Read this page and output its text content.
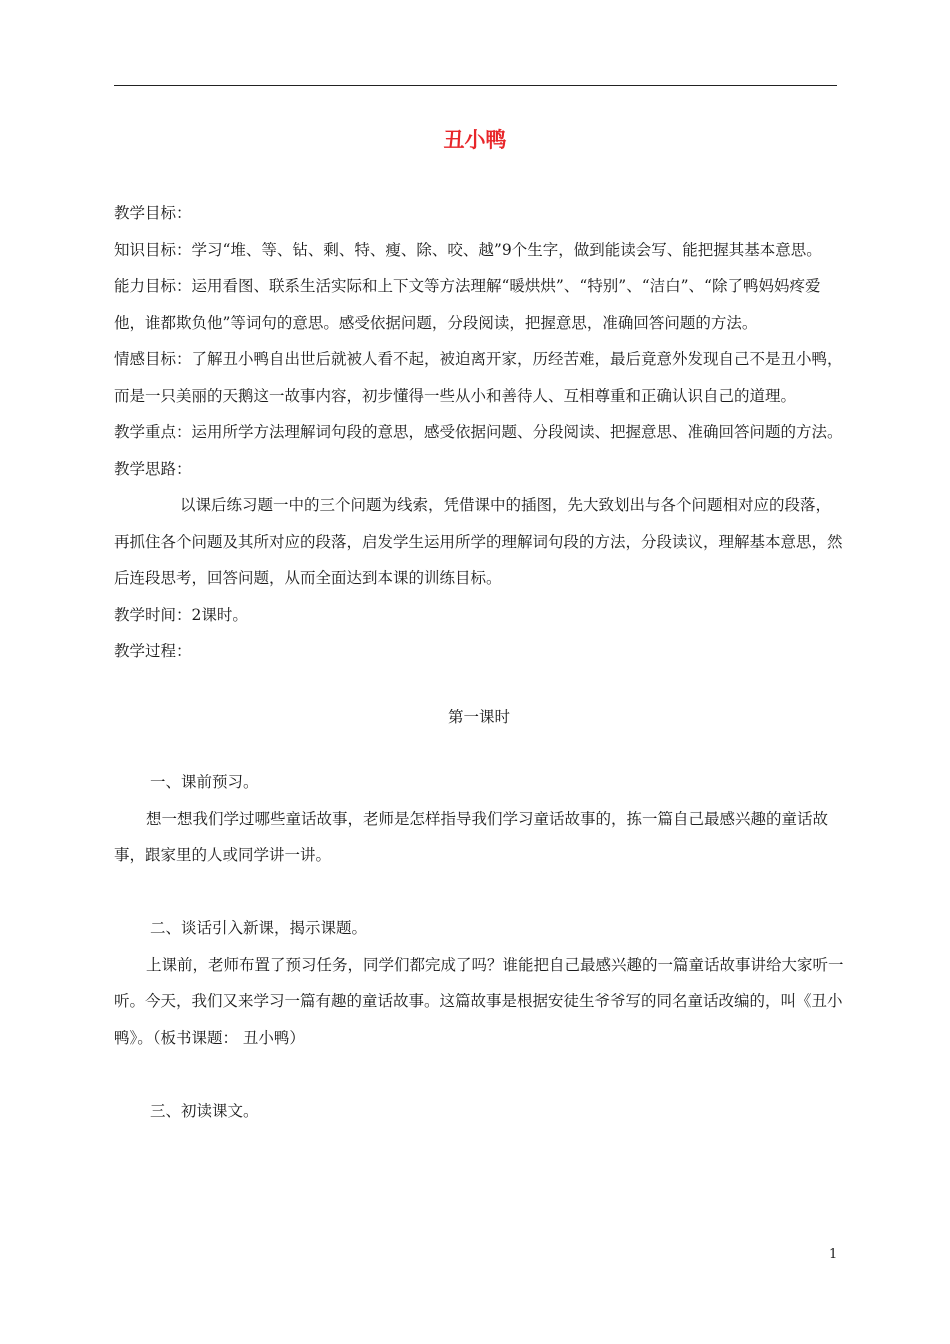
丑小鸭

教学目标：

知识目标：学习“堆、等、钻、剩、特、瘦、除、咬、越”9个生字，做到能读会写、能把握其基本意思。

能力目标：运用看图、联系生活实际和上下文等方法理解“暖烘烘”、“特别”、“洁白”、“除了鸭妈妈疼爱他，谁都欺负他”等词句的意思。感受依据问题，分段阅读，把握意思，准确回答问题的方法。

情感目标：了解丑小鸭自出世后就被人看不起，被迫离开家，历经苦难，最后竟意外发现自己不是丑小鸭，而是一只美丽的天鹅这一故事内容，初步懂得一些从小和善待人、互相尊重和正确认识自己的道理。

教学重点：运用所学方法理解词句段的意思，感受依据问题、分段阅读、把握意思、准确回答问题的方法。

教学思路：

以课后练习题一中的三个问题为线索，凭借课中的插图，先大致划出与各个问题相对应的段落，再抓住各个问题及其所对应的段落，启发学生运用所学的理解词句段的方法，分段读议，理解基本意思，然后连段思考，回答问题，从而全面达到本课的训练目标。

教学时间：2课时。

教学过程：

第一课时

一、课前预习。

想一想我们学过哪些童话故事，老师是怎样指导我们学习童话故事的，拣一篇自己最感兴趣的童话故事，跟家里的人或同学讲一讲。

二、谈话引入新课，揭示课题。

上课前，老师布置了预习任务，同学们都完成了吗？谁能把自己最感兴趣的一篇童话故事讲给大家听一听。今天，我们又来学习一篇有趣的童话故事。这篇故事是根据安徒生爷爷写的同名童话改编的，叫《丑小鸭》。（板书课题： 丑小鸭）

三、初读课文。

1
